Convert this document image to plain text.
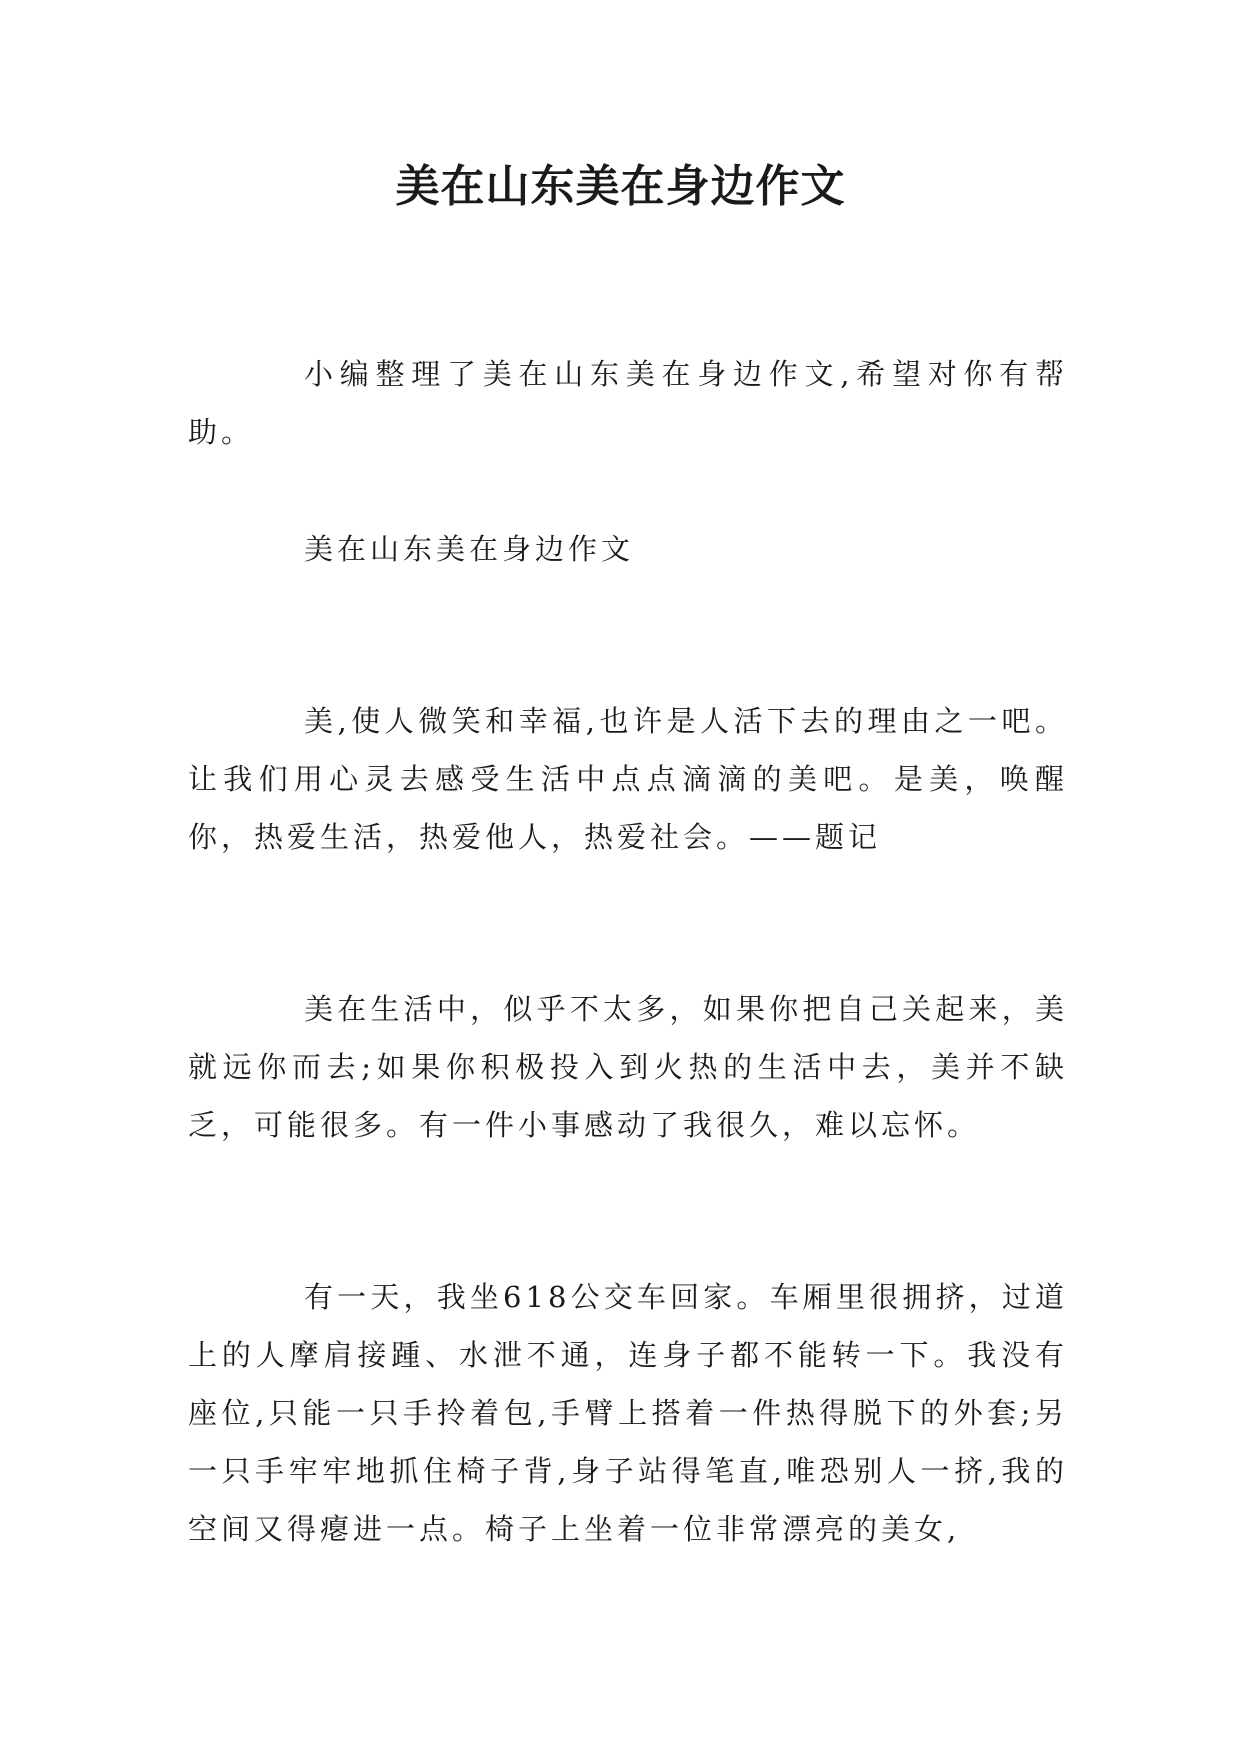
美在山东美在身边作文

小编整理了美在山东美在身边作文,希望对你有帮助。

美在山东美在身边作文

美,使人微笑和幸福,也许是人活下去的理由之一吧。让我们用心灵去感受生活中点点滴滴的美吧。是美，唤醒你，热爱生活，热爱他人，热爱社会。——题记

美在生活中，似乎不太多，如果你把自己关起来，美就远你而去;如果你积极投入到火热的生活中去，美并不缺乏，可能很多。有一件小事感动了我很久，难以忘怀。

有一天，我坐618公交车回家。车厢里很拥挤，过道上的人摩肩接踵、水泄不通，连身子都不能转一下。我没有座位,只能一只手拎着包,手臂上搭着一件热得脱下的外套;另一只手牢牢地抓住椅子背,身子站得笔直,唯恐别人一挤,我的空间又得瘪进一点。椅子上坐着一位非常漂亮的美女,
